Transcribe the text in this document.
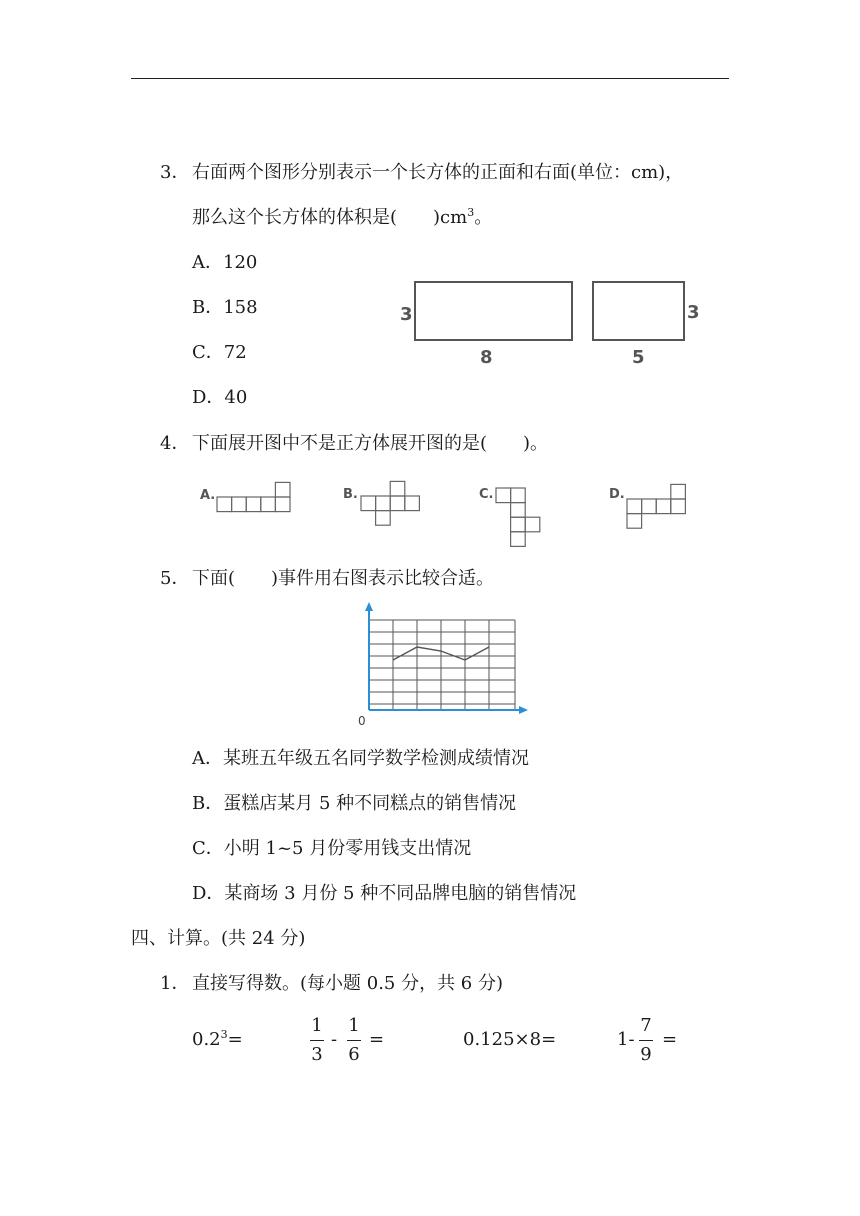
3． 右面两个图形分别表示一个长方体的正面和右面(单位：cm)，
那么这个长方体的体积是(　　 )$cm^3$。
A．120
B．158
C．72
D．40
3
8	5
3
4． 下面展开图中不是正方体展开图的是(　　)。
A.	B.	C.	D.
5． 下面(　　)事件用右图表示比较合适。
0
A．某班五年级五名同学数学检测成绩情况
B．蛋糕店某月 5 种不同糕点的销售情况
C．小明 1~5 月份零用钱支出情况
D．某商场 3 月份 5 种不同品牌电脑的销售情况
四、计算。(共 24 分)
1． 直接写得数。(每小题 0.5 分，共 6 分)
$0.2^3=$
1
3
-
1
6
=	0.125×8=	1-
7
9
=
